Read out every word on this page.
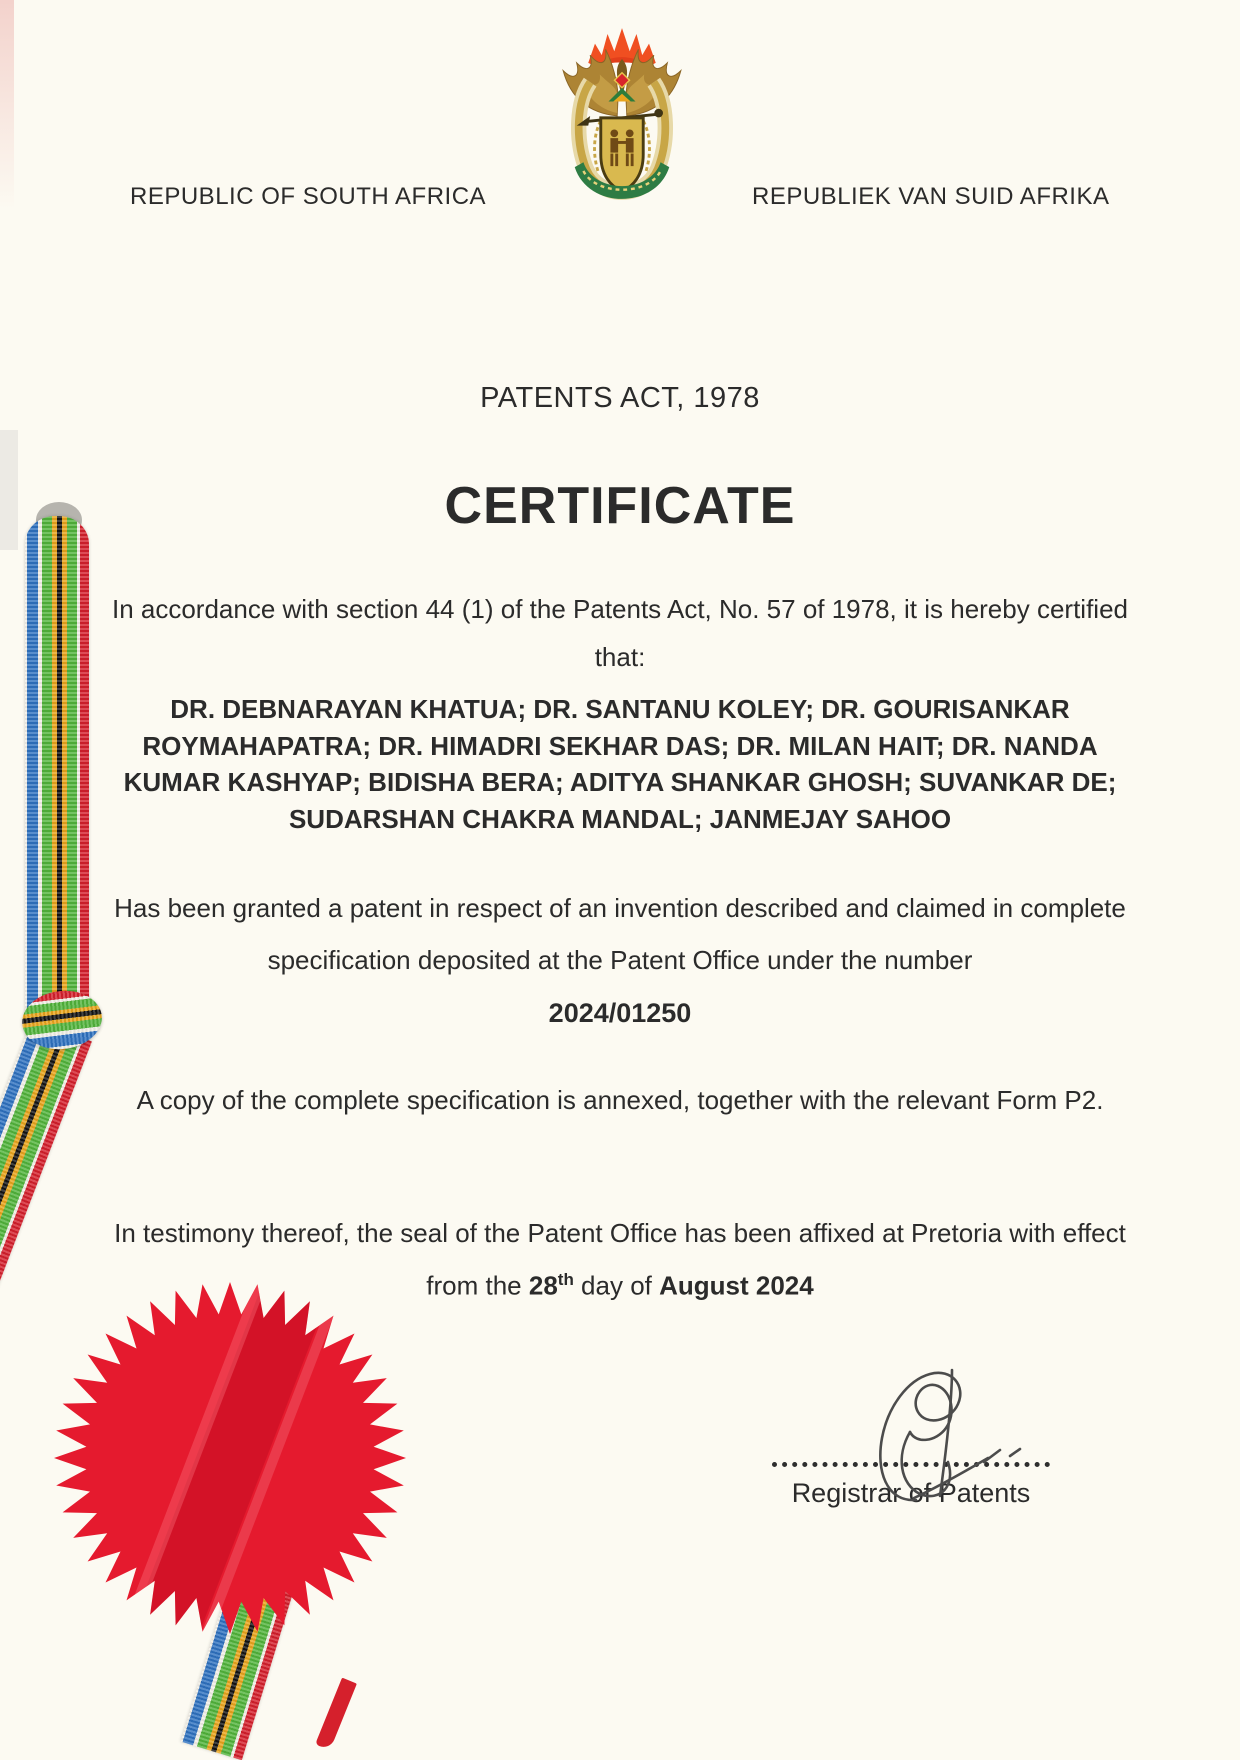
REPUBLIC OF SOUTH AFRICA	REPUBLIEK VAN SUID AFRIKA
PATENTS ACT, 1978
CERTIFICATE
In accordance with section 44 (1) of the Patents Act, No. 57 of 1978, it is hereby certified
that:
DR. DEBNARAYAN KHATUA; DR. SANTANU KOLEY; DR. GOURISANKAR
ROYMAHAPATRA; DR. HIMADRI SEKHAR DAS; DR. MILAN HAIT; DR. NANDA
KUMAR KASHYAP; BIDISHA BERA; ADITYA SHANKAR GHOSH; SUVANKAR DE;
SUDARSHAN CHAKRA MANDAL; JANMEJAY SAHOO
Has been granted a patent in respect of an invention described and claimed in complete
specification deposited at the Patent Office under the number
2024/01250
A copy of the complete specification is annexed, together with the relevant Form P2.
In testimony thereof, the seal of the Patent Office has been affixed at Pretoria with effect
from the 28th day of August 2024
Registrar of Patents
